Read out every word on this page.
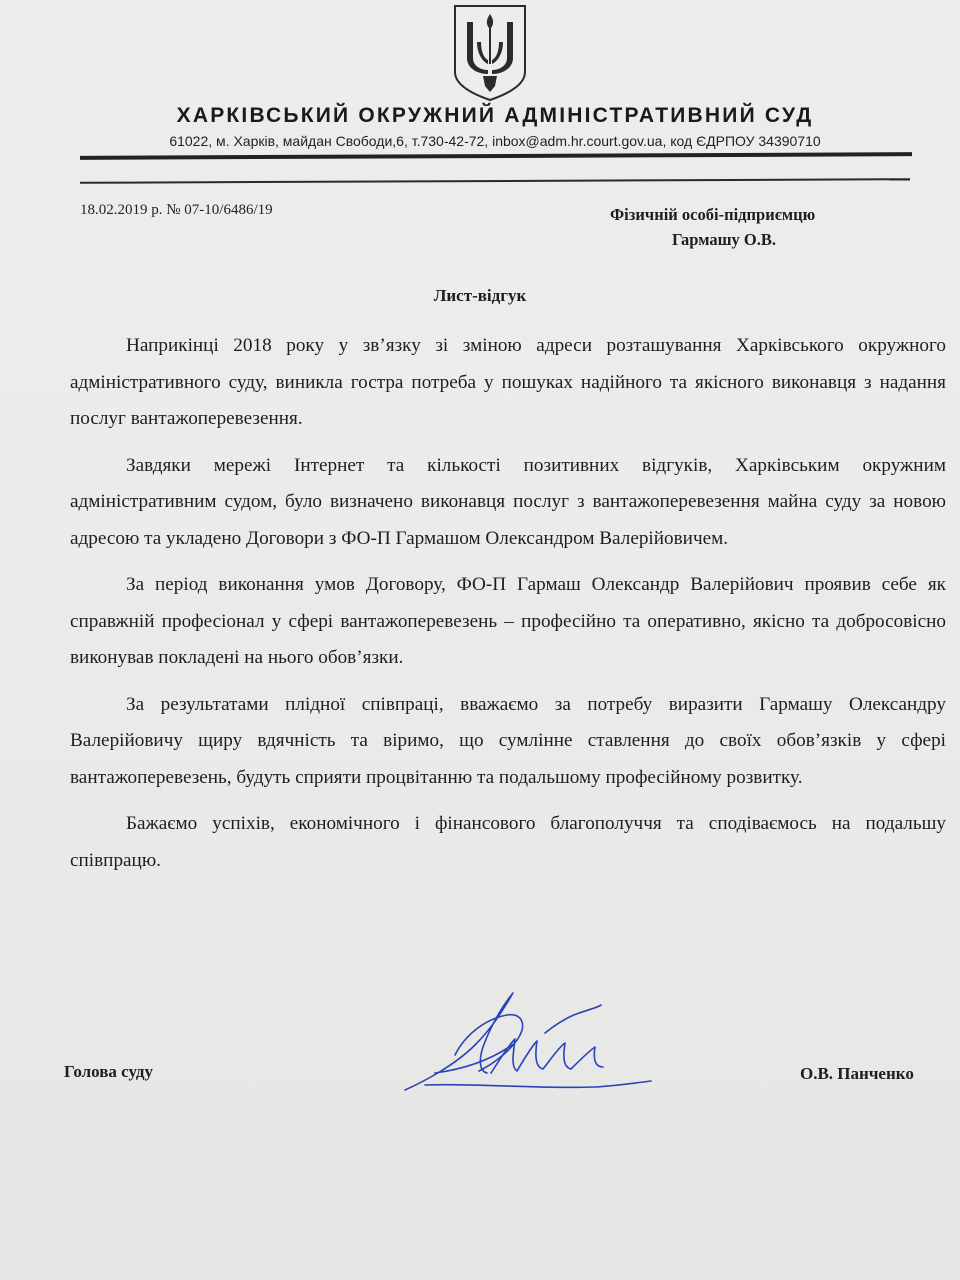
ХАРКІВСЬКИЙ ОКРУЖНИЙ АДМІНІСТРАТИВНИЙ СУД
61022, м. Харків, майдан Свободи,6, т.730-42-72, inbox@adm.hr.court.gov.ua, код ЄДРПОУ 34390710
18.02.2019 р. № 07-10/6486/19	Фізичній особі-підприємцю
Гармашу О.В.
Лист-відгук

Наприкінці 2018 року у зв’язку зі зміною адреси розташування Харківського окружного адміністративного суду, виникла гостра потреба у пошуках надійного та якісного виконавця з надання послуг вантажоперевезення.

Завдяки мережі Інтернет та кількості позитивних відгуків, Харківським окружним адміністративним судом, було визначено виконавця послуг з вантажоперевезення майна суду за новою адресою та укладено Договори з ФО-П Гармашом Олександром Валерійовичем.

За період виконання умов Договору, ФО-П Гармаш Олександр Валерійович проявив себе як справжній професіонал у сфері вантажоперевезень – професійно та оперативно, якісно та добросовісно виконував покладені на нього обов’язки.

За результатами плідної співпраці, вважаємо за потребу виразити Гармашу Олександру Валерійовичу щиру вдячність та віримо, що сумлінне ставлення до своїх обов’язків у сфері вантажоперевезень, будуть сприяти процвітанню та подальшому професійному розвитку.

Бажаємо успіхів, економічного і фінансового благополуччя та сподіваємось на подальшу співпрацю.

Голова суду	О.В. Панченко
